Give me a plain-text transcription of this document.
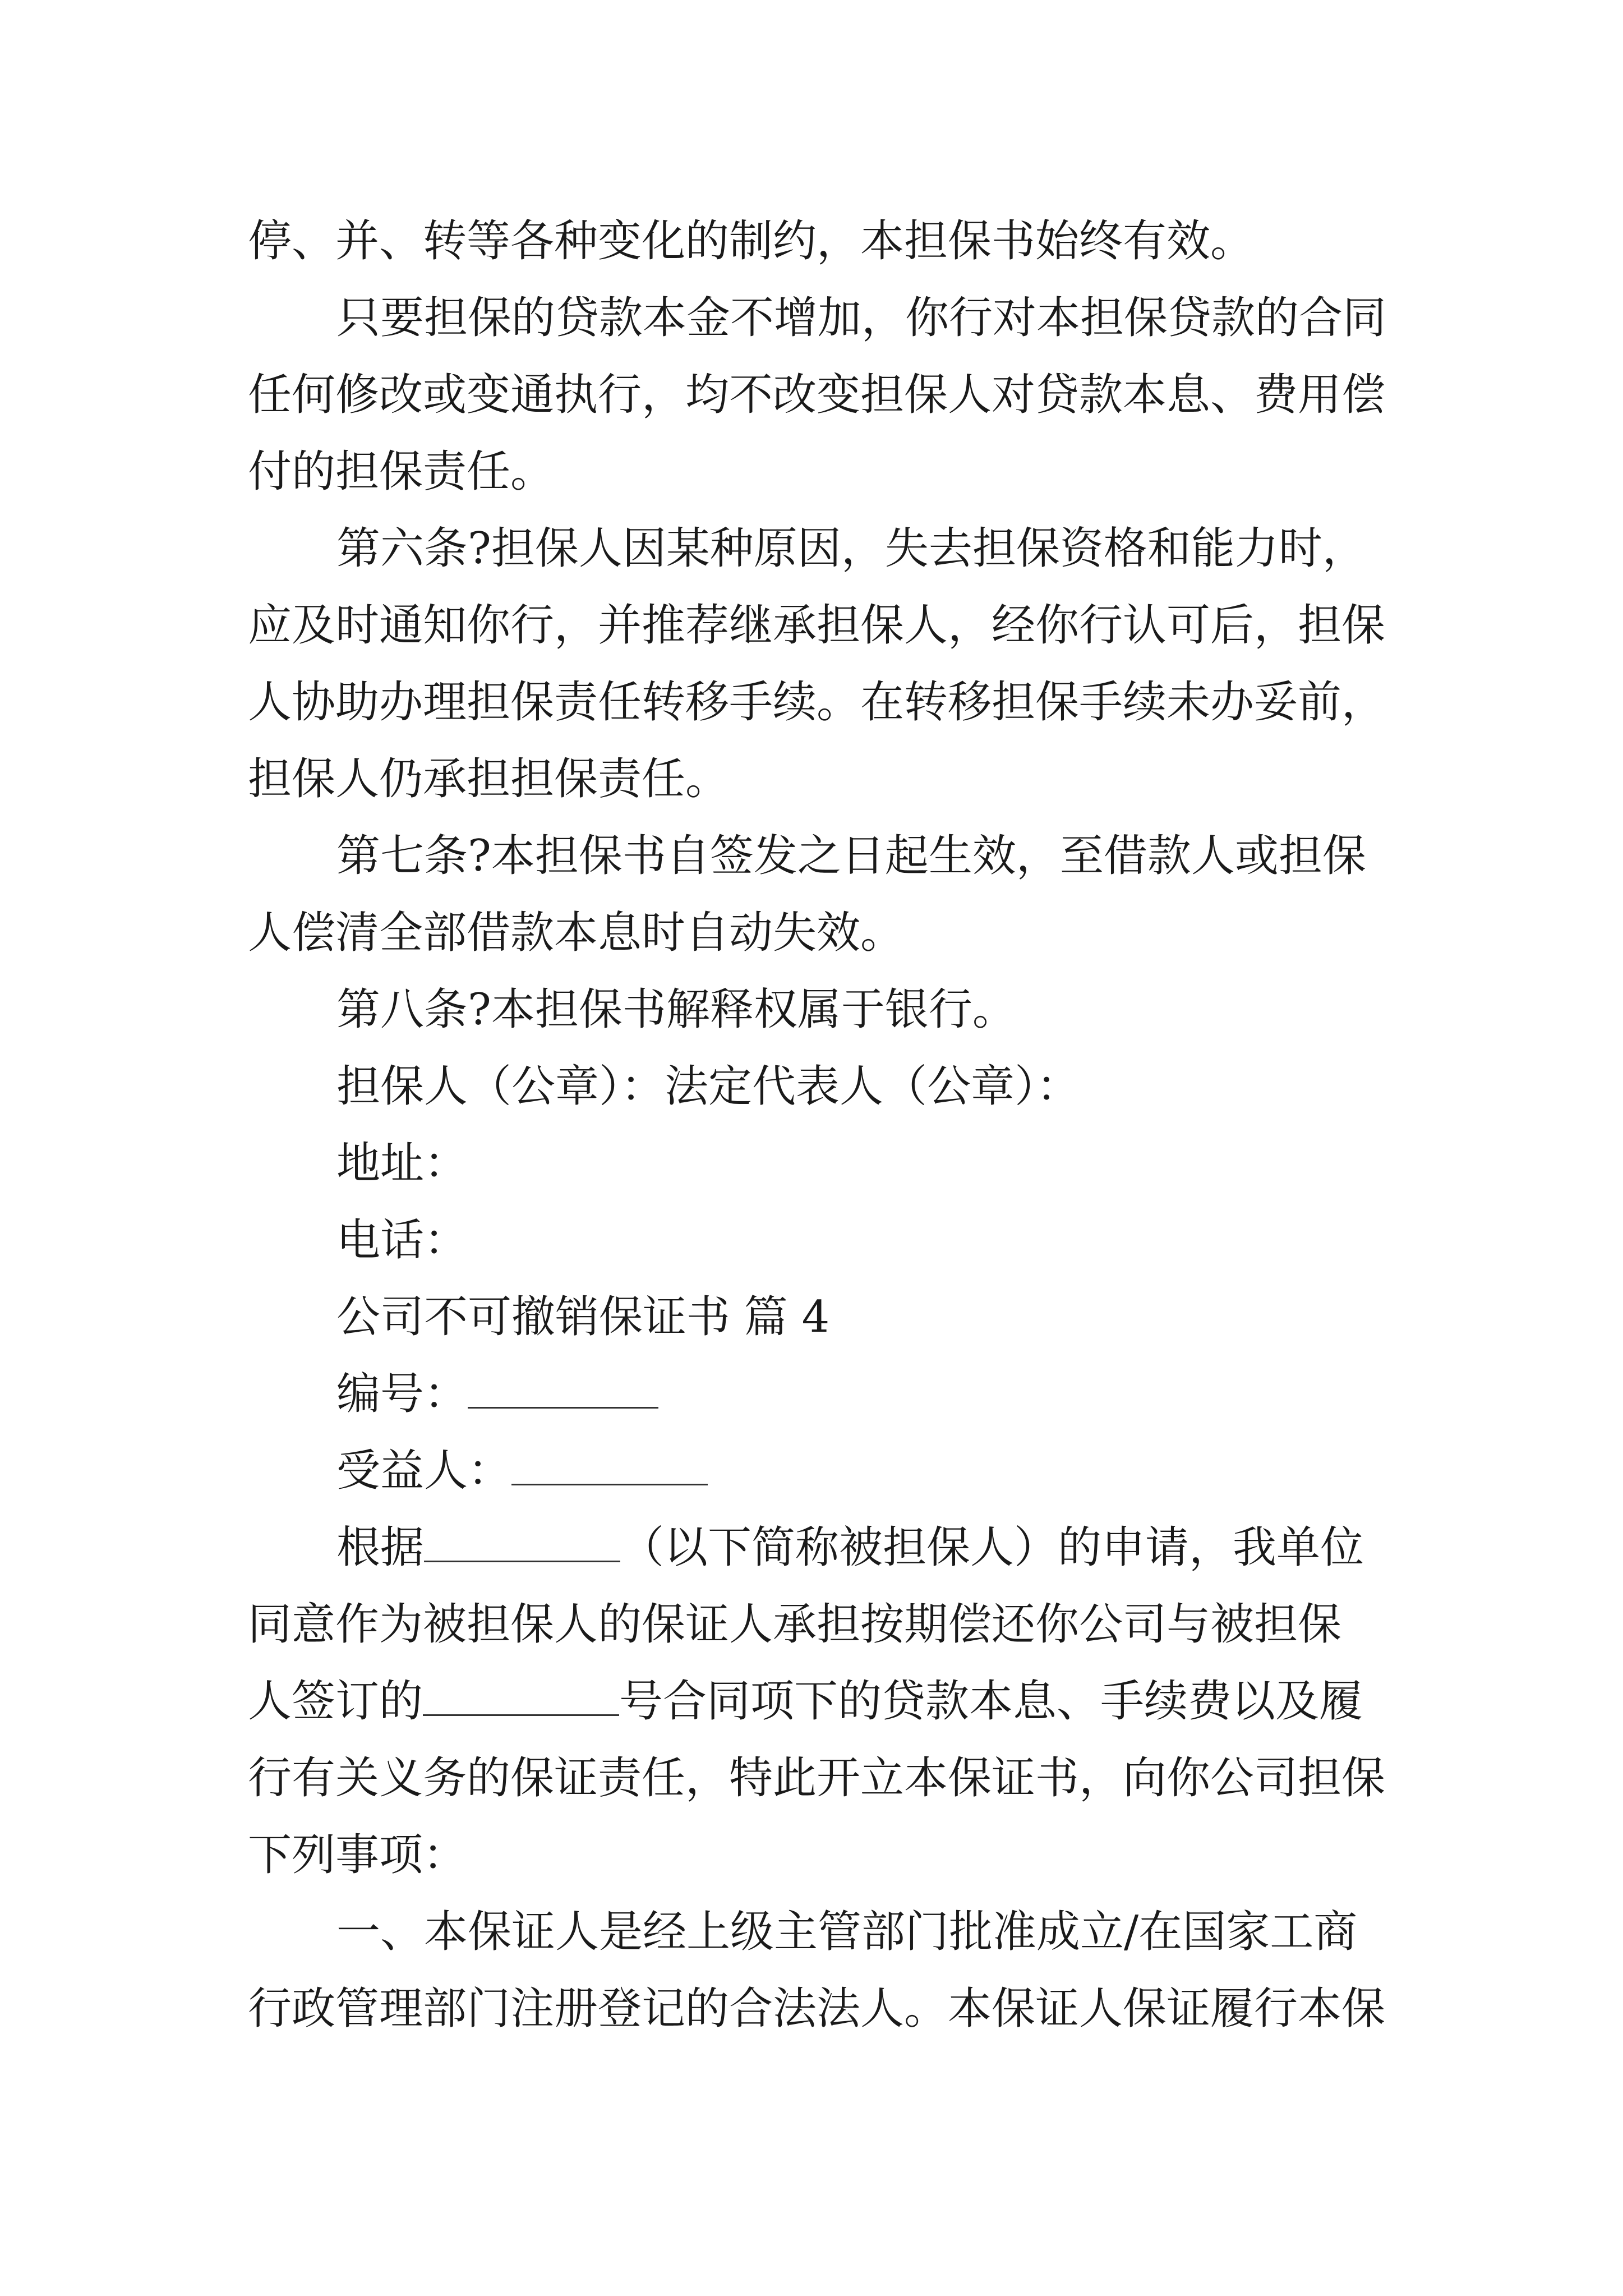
停、并、转等各种变化的制约，本担保书始终有效。
只要担保的贷款本金不增加，你行对本担保贷款的合同
任何修改或变通执行，均不改变担保人对贷款本息、费用偿
付的担保责任。
第六条?担保人因某种原因，失去担保资格和能力时，
应及时通知你行，并推荐继承担保人，经你行认可后，担保
人协助办理担保责任转移手续。在转移担保手续未办妥前，
担保人仍承担担保责任。
第七条?本担保书自签发之日起生效，至借款人或担保
人偿清全部借款本息时自动失效。
第八条?本担保书解释权属于银行。
担保人（公章）：法定代表人（公章）：
地址：
电话：
公司不可撤销保证书 篇 4
编号：
受益人：
根据	（以下简称被担保人）的申请，我单位
同意作为被担保人的保证人承担按期偿还你公司与被担保
人签订的	号合同项下的贷款本息、手续费以及履
行有关义务的保证责任，特此开立本保证书，向你公司担保
下列事项：
一、本保证人是经上级主管部门批准成立/在国家工商
行政管理部门注册登记的合法法人。本保证人保证履行本保
